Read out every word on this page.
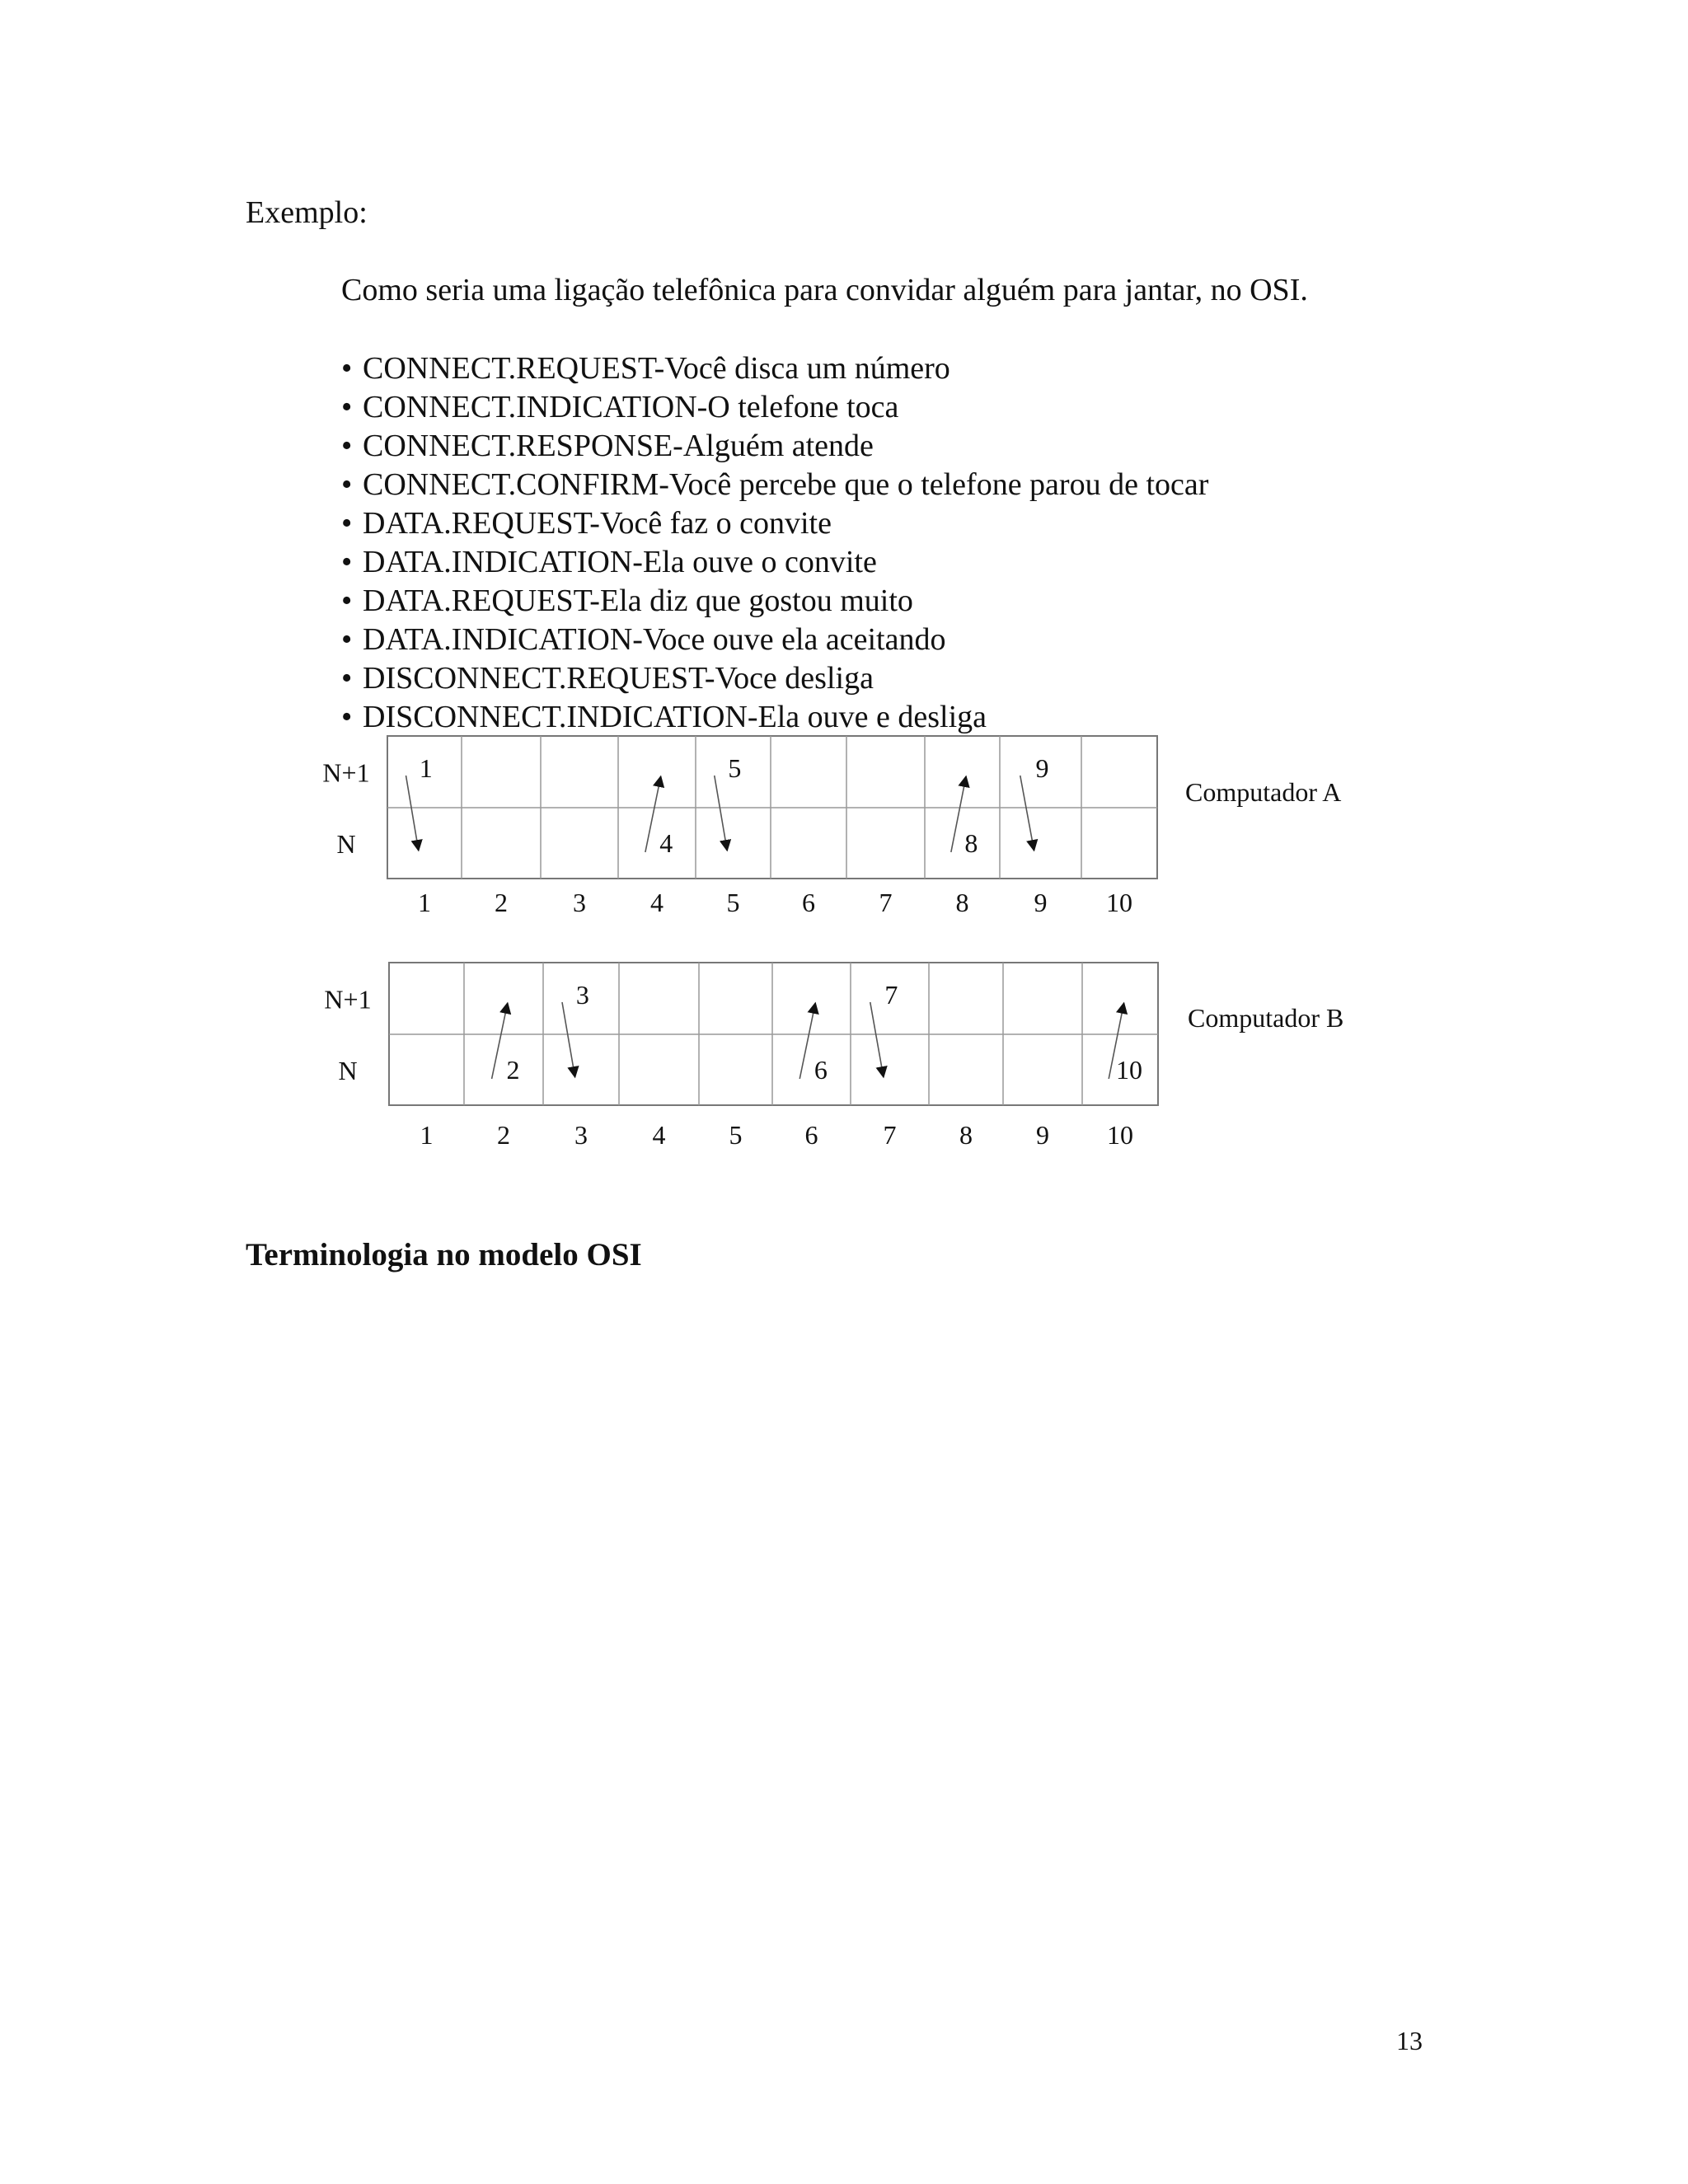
Exemplo:
Como seria uma ligação telefônica para convidar alguém para jantar, no OSI.
• CONNECT.REQUEST-Você disca um número
• CONNECT.INDICATION-O telefone toca
• CONNECT.RESPONSE-Alguém atende
• CONNECT.CONFIRM-Você percebe que o telefone parou de tocar
• DATA.REQUEST-Você faz o convite
• DATA.INDICATION-Ela ouve o convite
• DATA.REQUEST-Ela diz que gostou muito
• DATA.INDICATION-Voce ouve ela aceitando
• DISCONNECT.REQUEST-Voce desliga
• DISCONNECT.INDICATION-Ela ouve e desliga
N+1
N
1 2 3 4 5 6 7 8 9 10
Computador A
1
4
5
8
9
N+1
N
1 2 3 4 5 6 7 8 9 10
Computador B
2
3
6
7
10
Terminologia no modelo OSI
13
